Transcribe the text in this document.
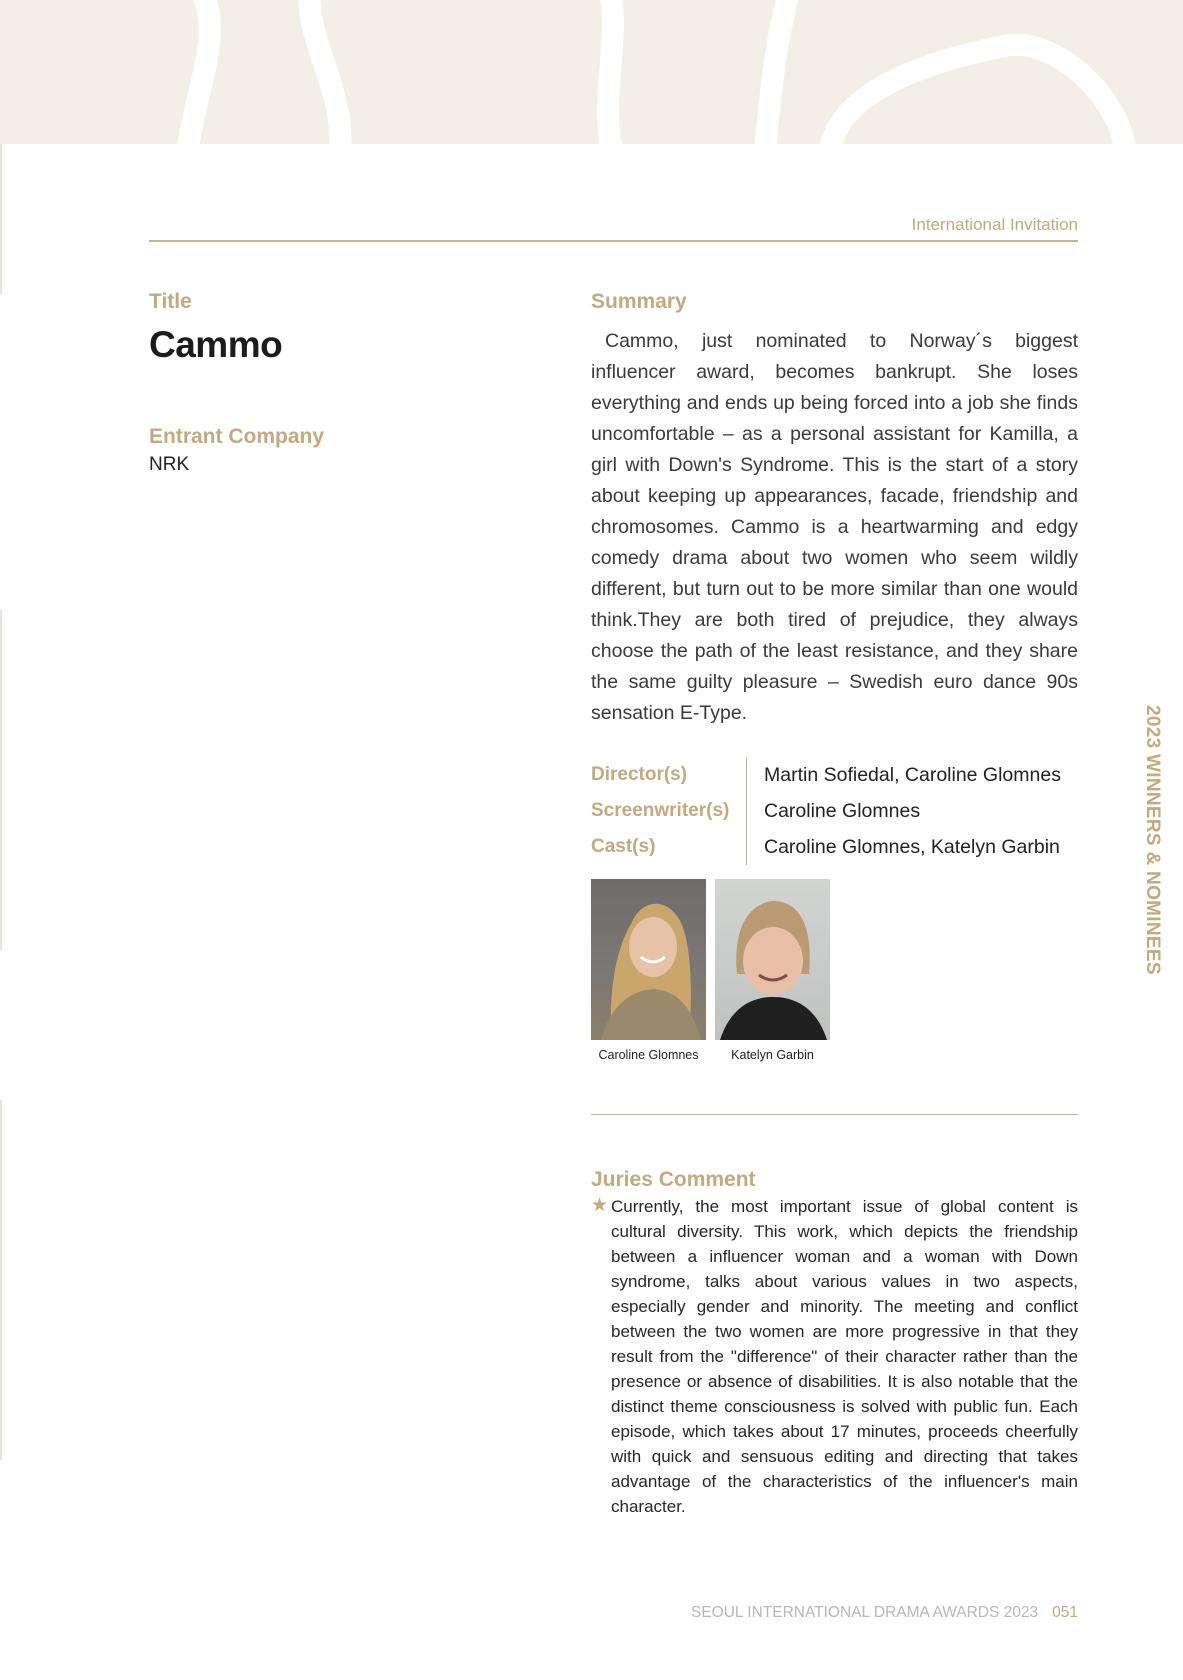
International Invitation
Title
Cammo
Entrant Company
NRK
Summary

Cammo, just nominated to Norway´s biggest influencer award, becomes bankrupt. She loses everything and ends up being forced into a job she finds uncomfortable – as a personal assistant for Kamilla, a girl with Down's Syndrome. This is the start of a story about keeping up appearances, facade, friendship and chromosomes. Cammo is a heartwarming and edgy comedy drama about two women who seem wildly different, but turn out to be more similar than one would think.They are both tired of prejudice, they always choose the path of the least resistance, and they share the same guilty pleasure – Swedish euro dance 90s sensation E-Type.

Director(s)	Martin Sofiedal, Caroline Glomnes
Screenwriter(s)	Caroline Glomnes
Cast(s)	Caroline Glomnes, Katelyn Garbin
Caroline Glomnes	Katelyn Garbin
Juries Comment
★ Currently, the most important issue of global content is cultural diversity. This work, which depicts the friendship between a influencer woman and a woman with Down syndrome, talks about various values in two aspects, especially gender and minority. The meeting and conflict between the two women are more progressive in that they result from the "difference" of their character rather than the presence or absence of disabilities. It is also notable that the distinct theme consciousness is solved with public fun. Each episode, which takes about 17 minutes, proceeds cheerfully with quick and sensuous editing and directing that takes advantage of the characteristics of the influencer's main character.

2023 WINNERS & NOMINEES
SEOUL INTERNATIONAL DRAMA AWARDS 2023 051
